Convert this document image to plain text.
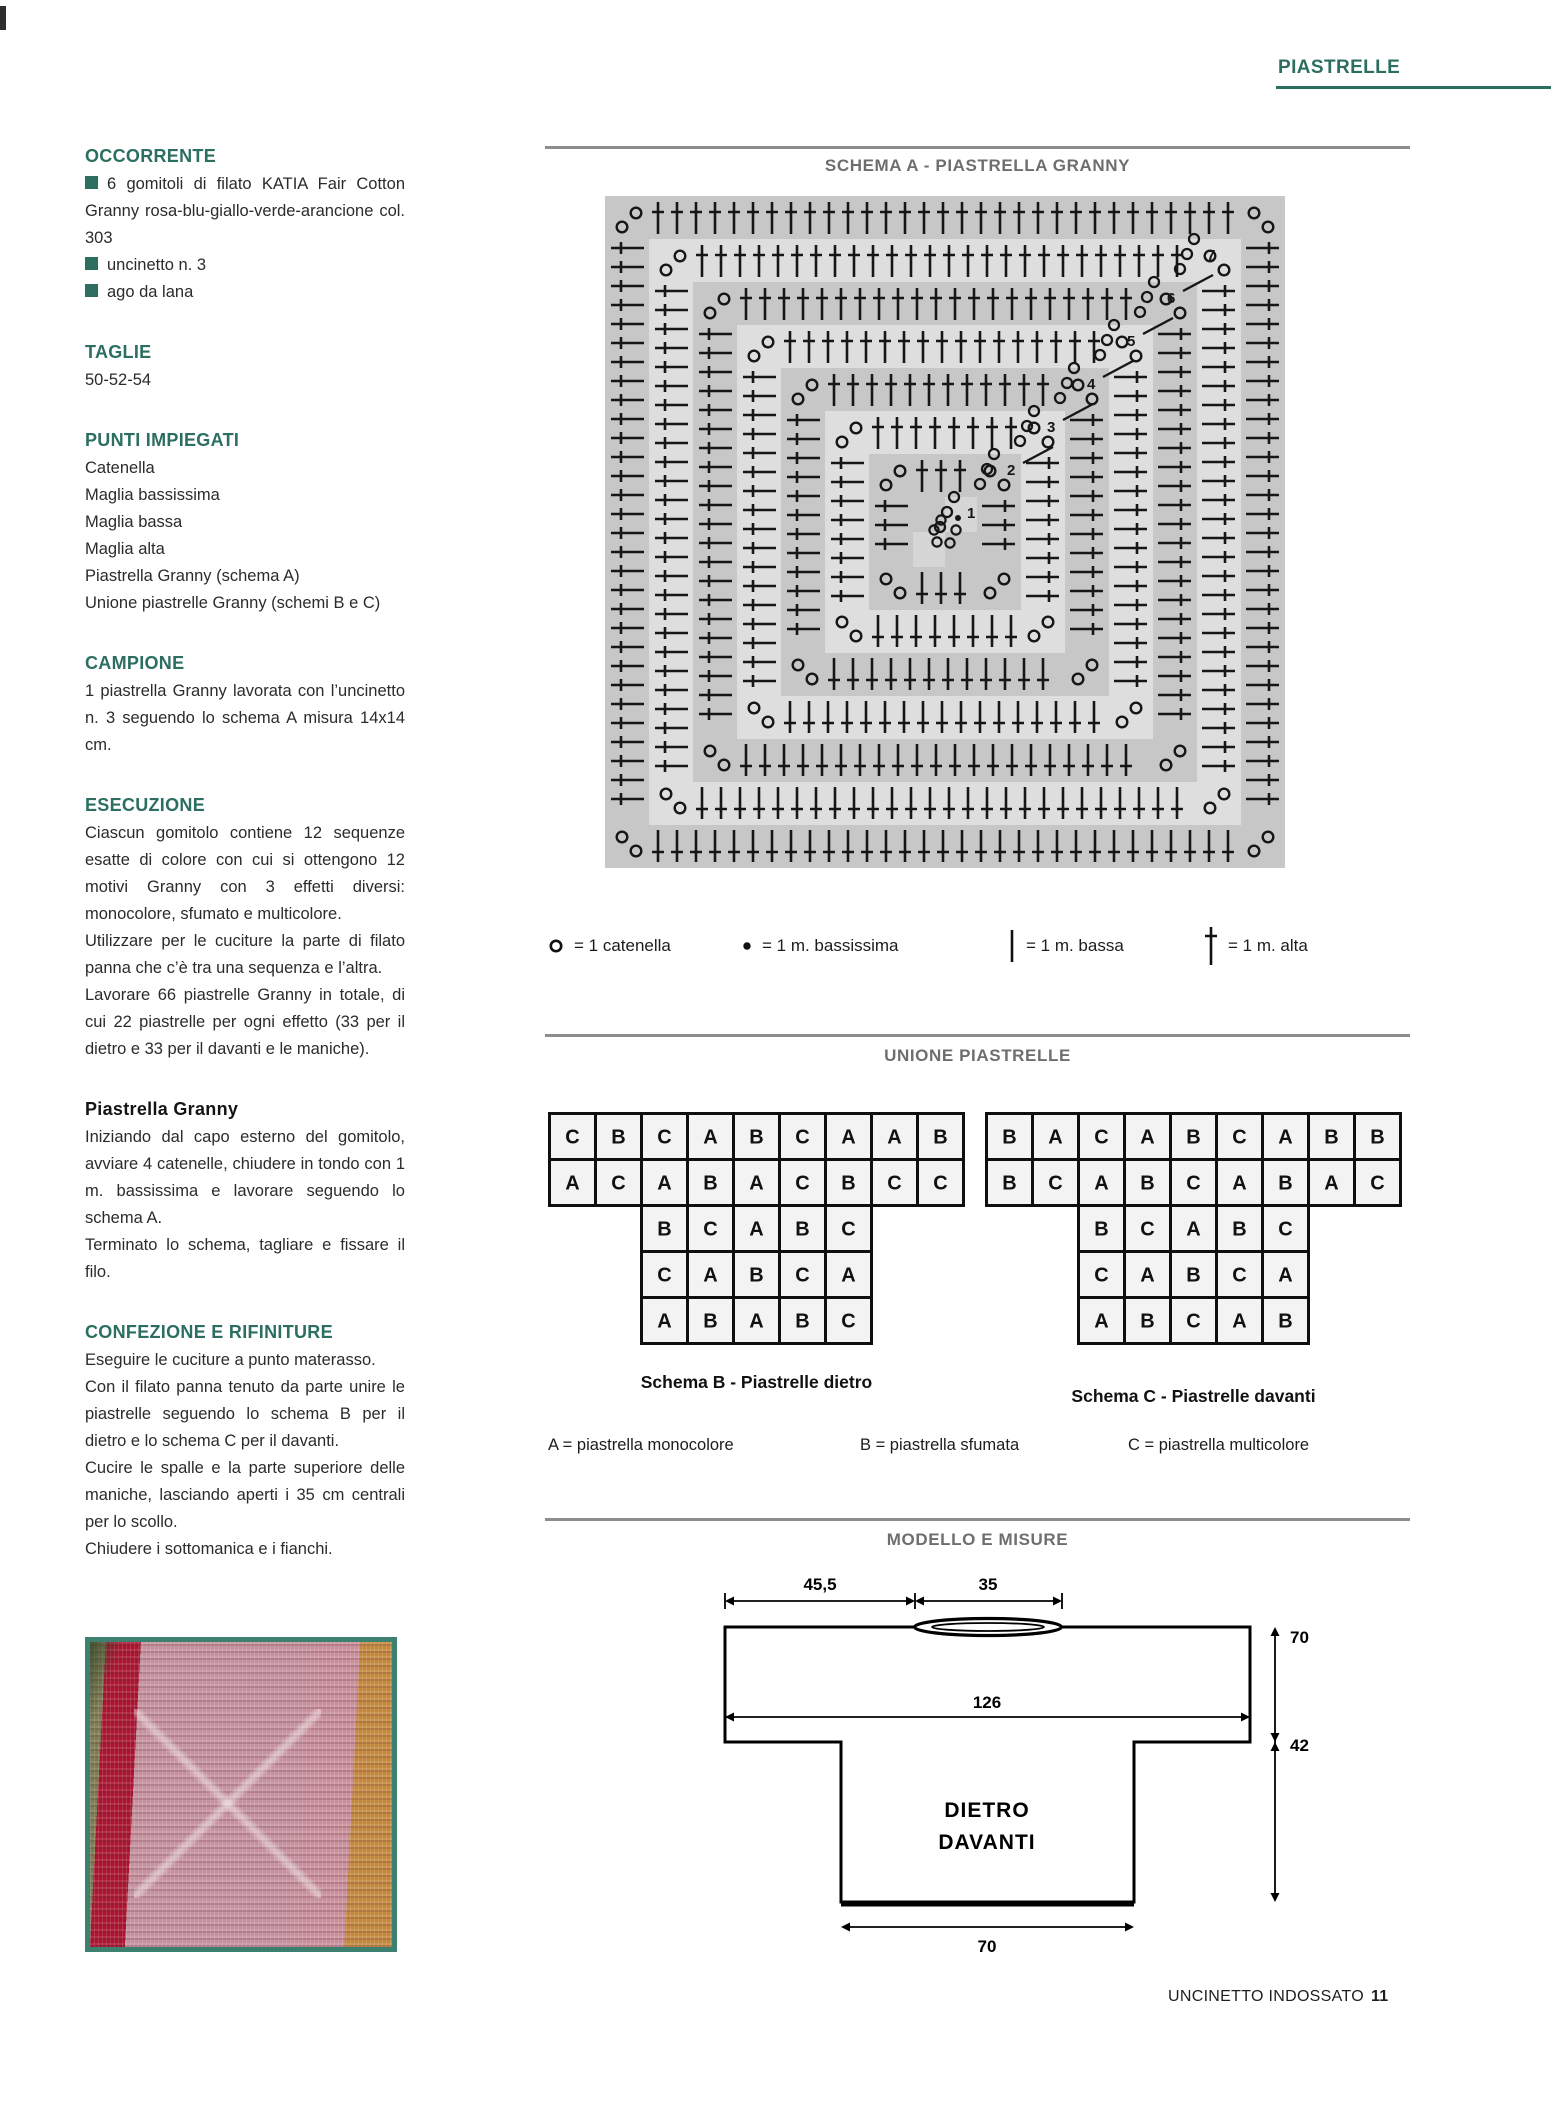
PIASTRELLE
OCCORRENTE

6 gomitoli di filato KATIA Fair Cotton Granny rosa-blu-giallo-verde-arancione col. 303

uncinetto n. 3

ago da lana

TAGLIE

50-52-54

PUNTI IMPIEGATI

Catenella

Maglia bassissima

Maglia bassa

Maglia alta

Piastrella Granny (schema A)

Unione piastrelle Granny (schemi B e C)

CAMPIONE

1 piastrella Granny lavorata con l’uncinetto n. 3 seguendo lo schema A misura 14x14 cm.

ESECUZIONE

Ciascun gomitolo contiene 12 sequenze esatte di colore con cui si ottengono 12 motivi Granny con 3 effetti diversi: monocolore, sfumato e multicolore.

Utilizzare per le cuciture la parte di filato panna che c’è tra una sequenza e l’altra.

Lavorare 66 piastrelle Granny in totale, di cui 22 piastrelle per ogni effetto (33 per il dietro e 33 per il davanti e le maniche).

Piastrella Granny

Iniziando dal capo esterno del gomitolo, avviare 4 catenelle, chiudere in tondo con 1 m. bassissima e lavorare seguendo lo schema A.

Terminato lo schema, tagliare e fissare il filo.

CONFEZIONE E RIFINITURE

Eseguire le cuciture a punto materasso.

Con il filato panna tenuto da parte unire le piastrelle seguendo lo schema B per il dietro e lo schema C per il davanti.

Cucire le spalle e la parte superiore delle maniche, lasciando aperti i 35 cm centrali per lo scollo.

Chiudere i sottomanica e i fianchi.

SCHEMA A - PIASTRELLA GRANNY
1
2
3
4
5
6
7
= 1 catenella	= 1 m. bassissima	= 1 m. bassa	= 1 m. alta
UNIONE PIASTRELLE
C B C A B C A A B
A C A B A C B C C
B C A B C
C A B C A
A B A B C
B A C A B C A B B
B C A B C A B A C
B C A B C
C A B C A
A B C A B

Schema B - Piastrelle dietro

Schema C - Piastrelle davanti

A = piastrella monocolore	B = piastrella sfumata	C = piastrella multicolore
MODELLO E MISURE
45,5	35
126
70
70
42
DIETRO
DAVANTI
UNCINETTO INDOSSATO 11
